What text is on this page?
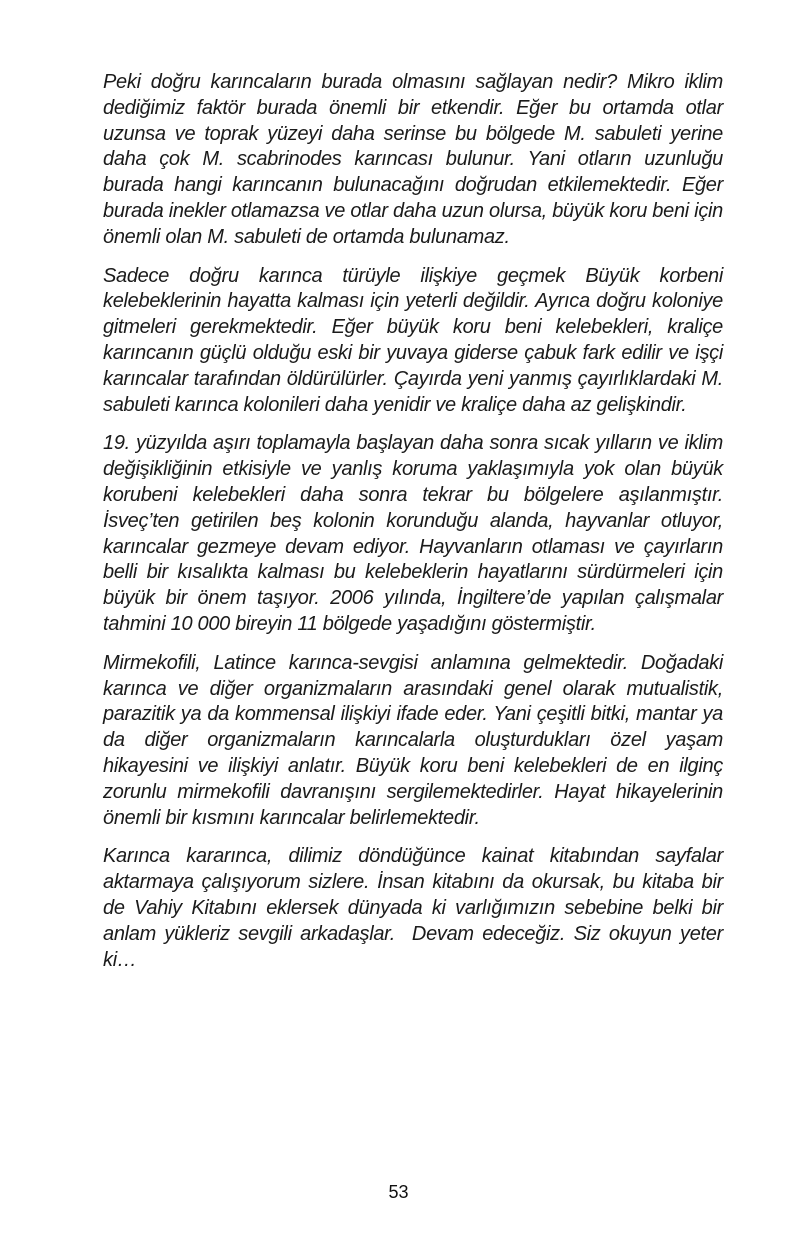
Peki doğru karıncaların burada olmasını sağlayan nedir? Mikro iklim dediğimiz faktör burada önemli bir etkendir. Eğer bu ortamda otlar uzunsa ve toprak yüzeyi daha serinse bu bölgede M. sabuleti yerine daha çok M. scabrinodes karıncası bulunur. Yani otların uzunluğu burada hangi karıncanın bulunacağını doğrudan etkilemektedir. Eğer burada inekler otlamazsa ve otlar daha uzun olursa, büyük koru beni için önemli olan M. sabuleti de ortamda bulunamaz.

Sadece doğru karınca türüyle ilişkiye geçmek Büyük korbeni kelebeklerinin hayatta kalması için yeterli değildir. Ayrıca doğru koloniye gitmeleri gerekmektedir. Eğer büyük koru beni kelebekleri, kraliçe karıncanın güçlü olduğu eski bir yuvaya giderse çabuk fark edilir ve işçi karıncalar tarafından öldürülürler. Çayırda yeni yanmış çayırlıklardaki M. sabuleti karınca kolonileri daha yenidir ve kraliçe daha az gelişkindir.

19. yüzyılda aşırı toplamayla başlayan daha sonra sıcak yılların ve iklim değişikliğinin etkisiyle ve yanlış koruma yaklaşımıyla yok olan büyük korubeni kelebekleri daha sonra tekrar bu bölgelere aşılanmıştır. İsveç’ten getirilen beş kolonin korunduğu alanda, hayvanlar otluyor, karıncalar gezmeye devam ediyor. Hayvanların otlaması ve çayırların belli bir kısalıkta kalması bu kelebeklerin hayatlarını sürdürmeleri için büyük bir önem taşıyor. 2006 yılında, İngiltere’de yapılan çalışmalar tahmini 10 000 bireyin 11 bölgede yaşadığını göstermiştir.

Mirmekofili, Latince karınca-sevgisi anlamına gelmektedir. Doğadaki karınca ve diğer organizmaların arasındaki genel olarak mutualistik, parazitik ya da kommensal ilişkiyi ifade eder. Yani çeşitli bitki, mantar ya da diğer organizmaların karıncalarla oluşturdukları özel yaşam hikayesini ve ilişkiyi anlatır. Büyük koru beni kelebekleri de en ilginç zorunlu mirmekofili davranışını sergilemektedirler. Hayat hikayelerinin önemli bir kısmını karıncalar belirlemektedir.

Karınca kararınca, dilimiz döndüğünce kainat kitabından sayfalar aktarmaya çalışıyorum sizlere. İnsan kitabını da okursak, bu kitaba bir de Vahiy Kitabını eklersek dünyada ki varlığımızın sebebine belki bir anlam yükleriz sevgili arkadaşlar.  Devam edeceğiz. Siz okuyun yeter ki…

53
